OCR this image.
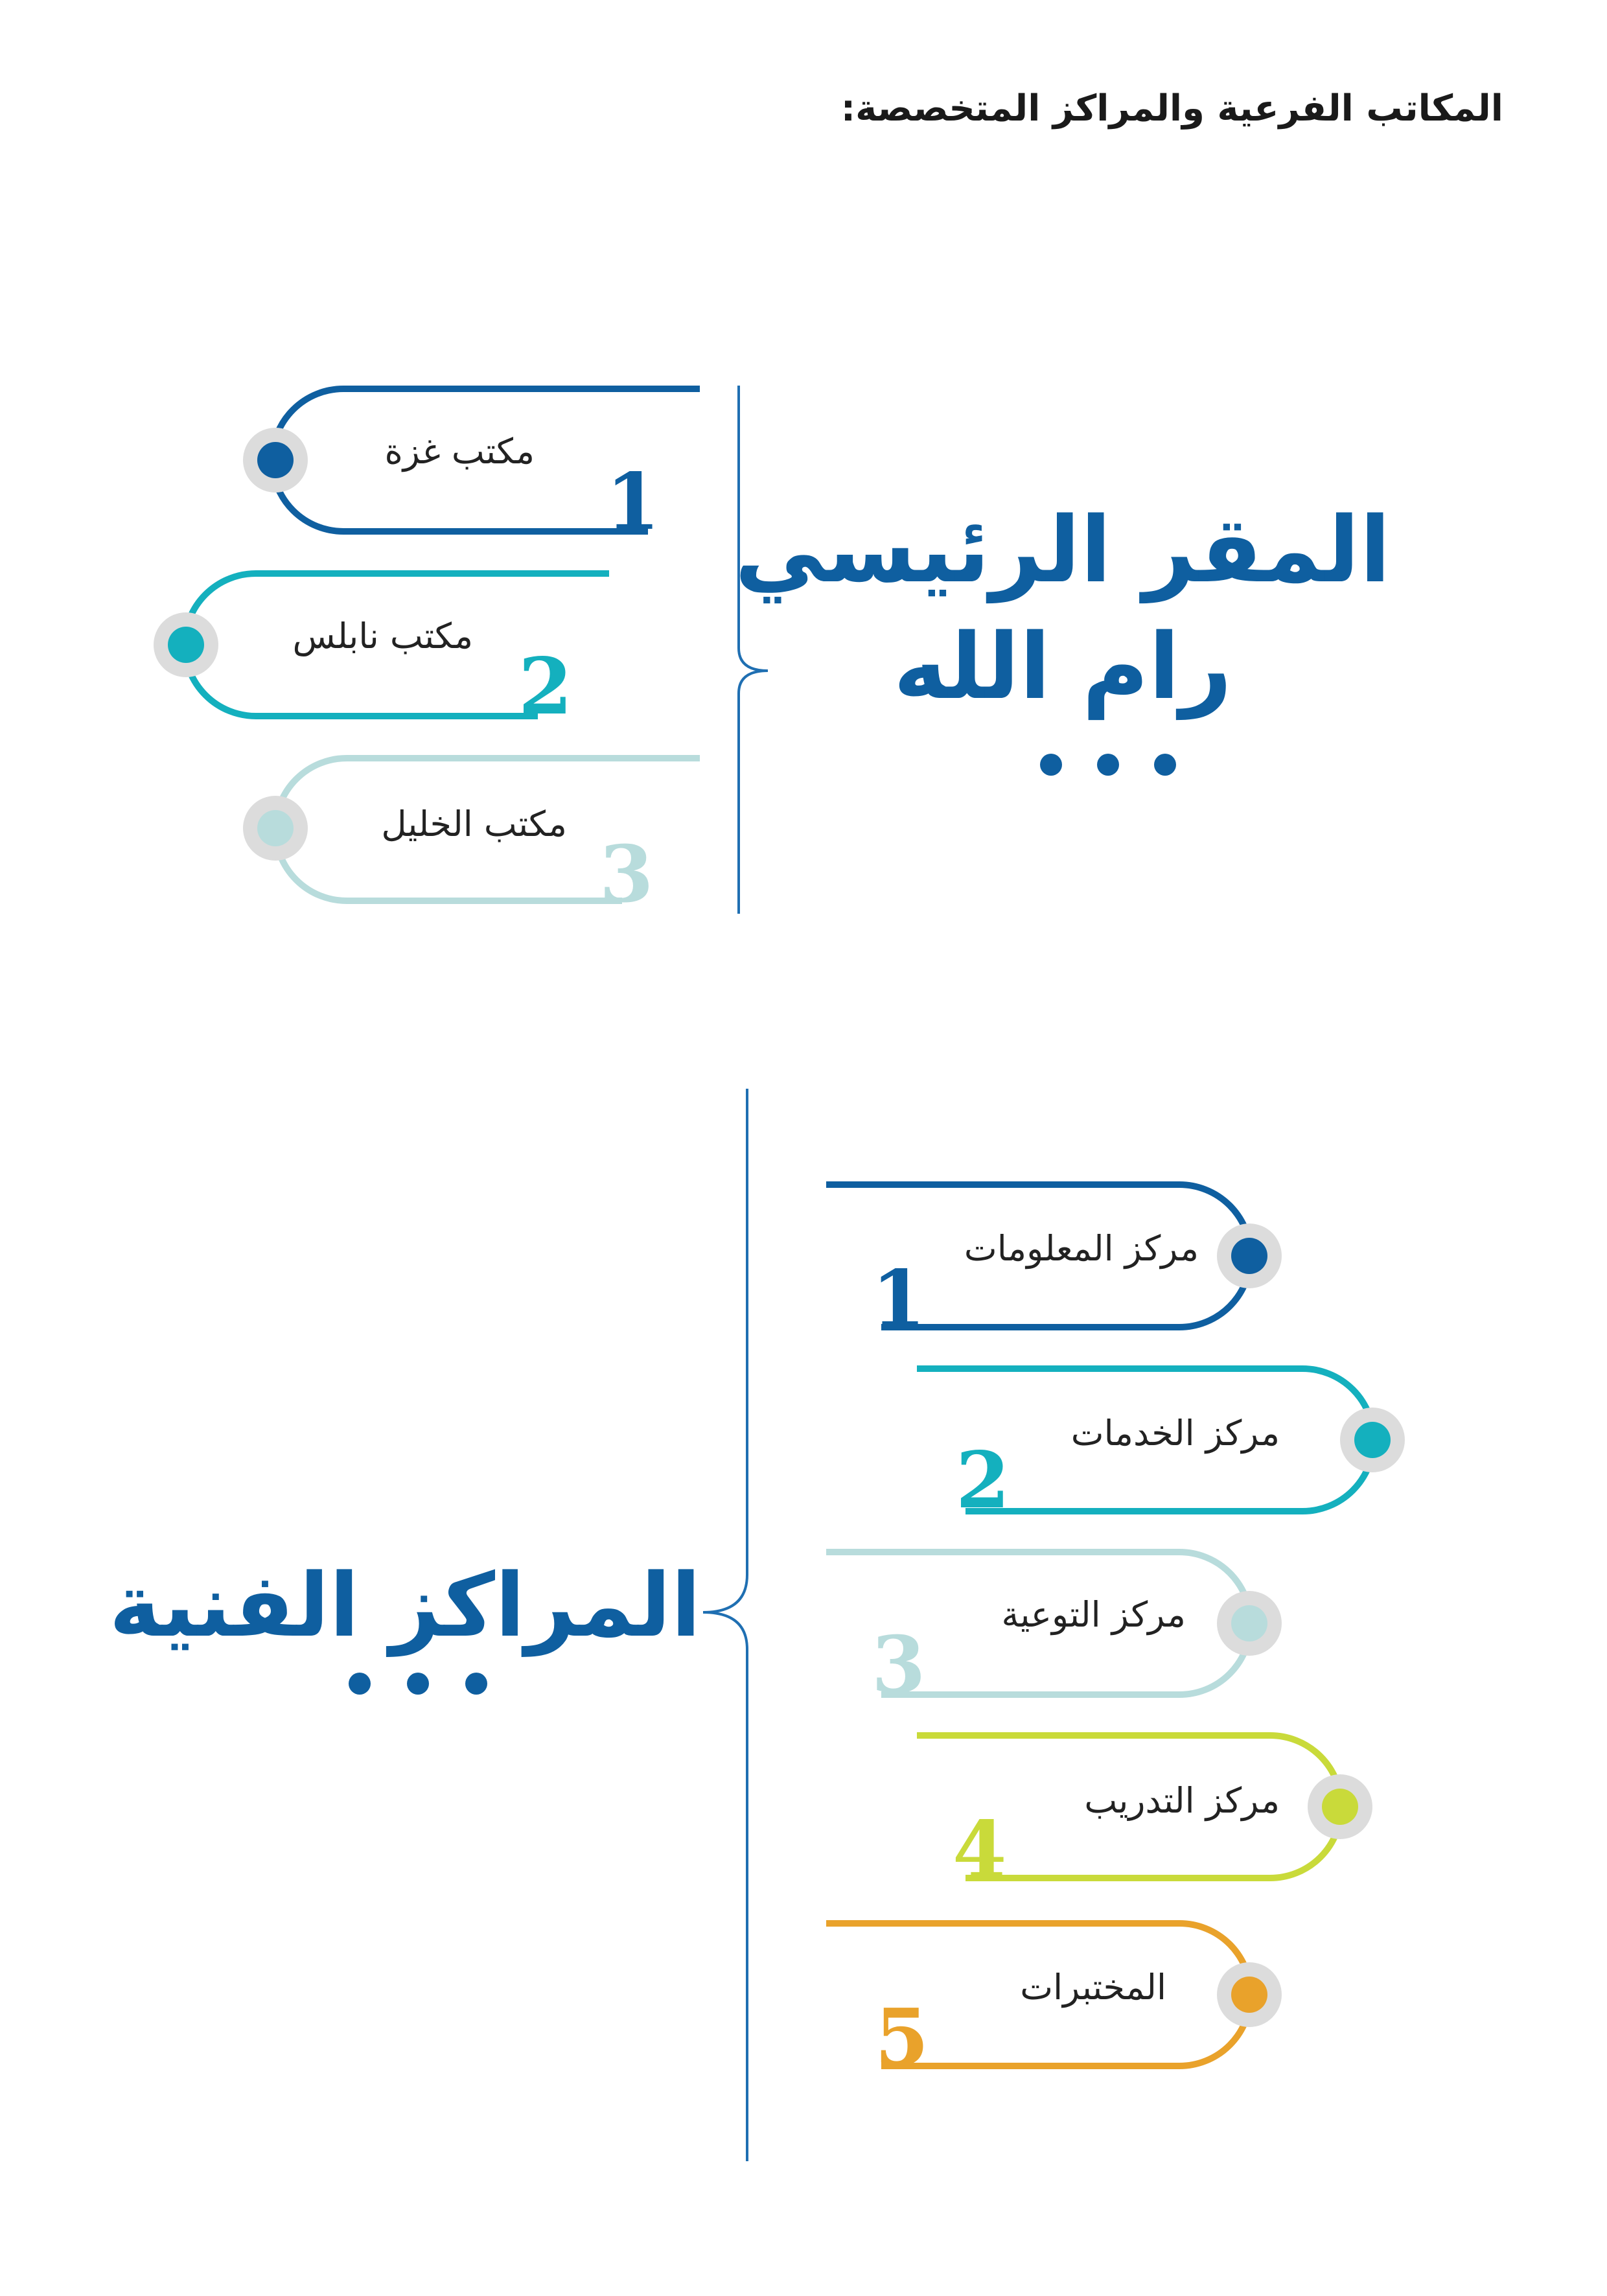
المكاتب الفرعية والمراكز المتخصصة:
المقر الرئيسي
رام الله
مكتب غزة
مكتب نابلس
مكتب الخليل
1
2
3
المراكز الفنية
مركز المعلومات
مركز الخدمات
مركز التوعية
مركز التدريب
المختبرات
1
2
3
4
5
